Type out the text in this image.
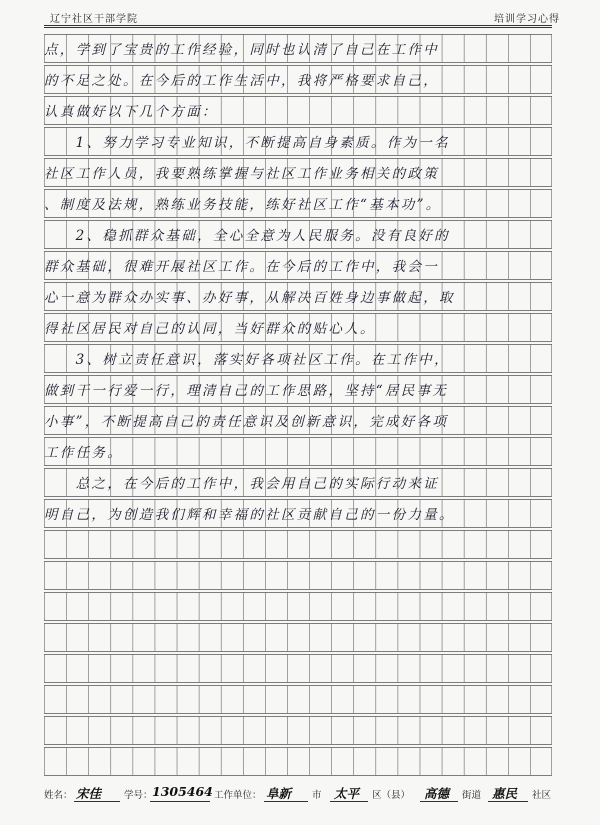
辽宁社区干部学院	培训学习心得
点，学到了宝贵的工作经验，同时也认清了自己在工作中
的不足之处。在今后的工作生活中，我将严格要求自己，
认真做好以下几个方面：
　　1、努力学习专业知识，不断提高自身素质。作为一名
社区工作人员，我要熟练掌握与社区工作业务相关的政策
、制度及法规，熟练业务技能，练好社区工作“基本功”。
　　2、稳抓群众基础，全心全意为人民服务。没有良好的
群众基础，很难开展社区工作。在今后的工作中，我会一
心一意为群众办实事、办好事，从解决百姓身边事做起，取
得社区居民对自己的认同，当好群众的贴心人。
　　3、树立责任意识，落实好各项社区工作。在工作中，
做到干一行爱一行，理清自己的工作思路，坚持“居民事无
小事”，不断提高自己的责任意识及创新意识，完成好各项
工作任务。
　　总之，在今后的工作中，我会用自己的实际行动来证
明自己，为创造我们辉和幸福的社区贡献自己的一份力量。
姓名： 宋佳 学号： 1305464 工作单位： 阜新 市 太平 区（县） 高德 街道 惠民 社区
